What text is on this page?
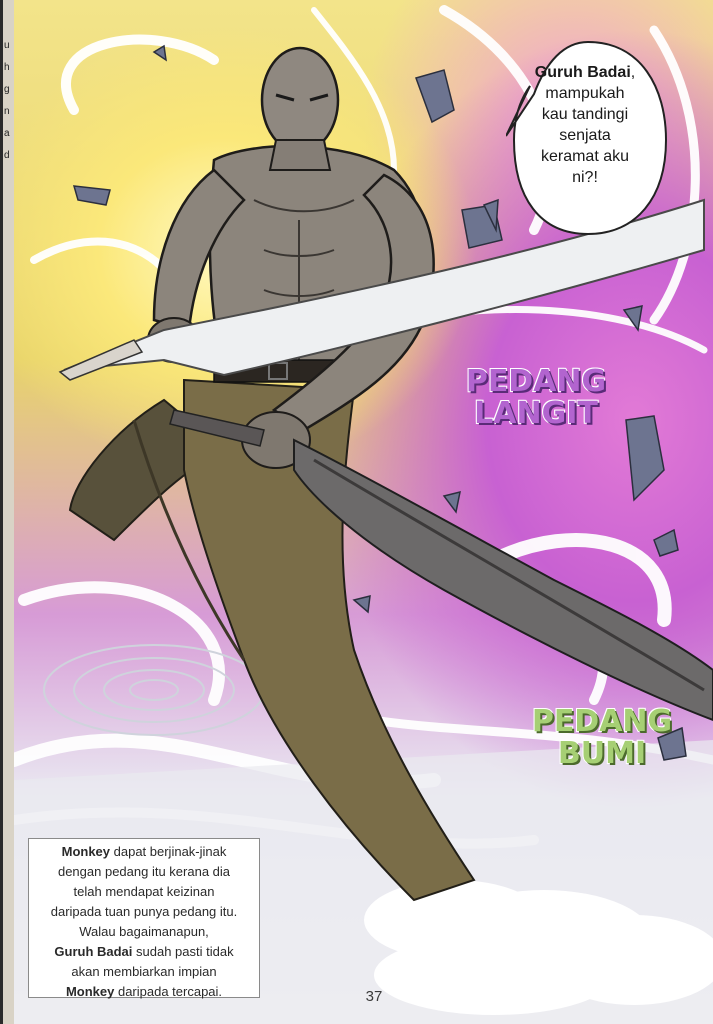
u
h
g
n
a
d
Guruh Badai,
mampukah
kau tandingi
senjata
keramat aku
ni?!
PEDANG
LANGIT
PEDANG
BUMI
Monkey dapat berjinak-jinak
dengan pedang itu kerana dia
telah mendapat keizinan
daripada tuan punya pedang itu.
Walau bagaimanapun,
Guruh Badai sudah pasti tidak
akan membiarkan impian
Monkey daripada tercapai.	37
